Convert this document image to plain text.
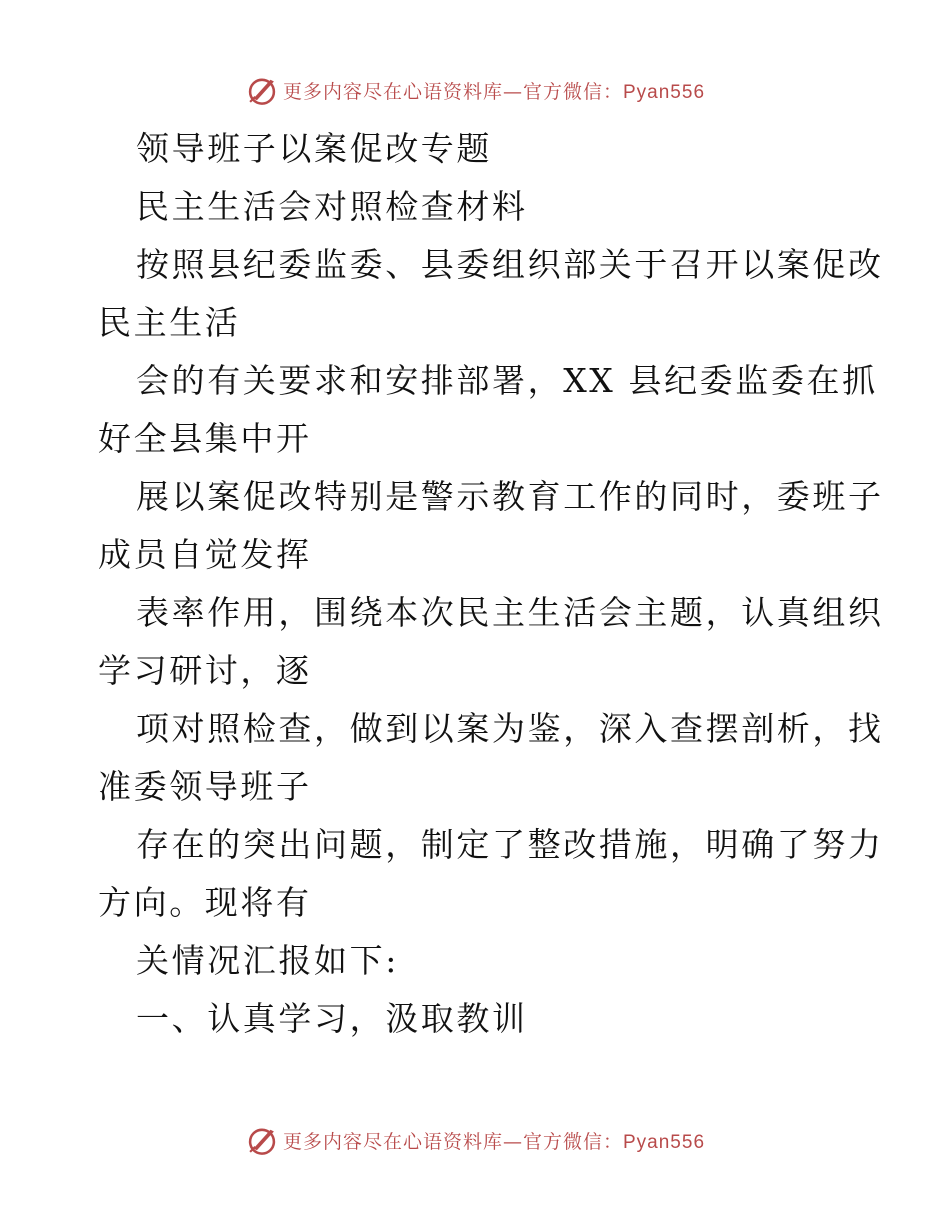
更多内容尽在心语资料库—官方微信：Pyan556

领导班子以案促改专题

民主生活会对照检查材料

按照县纪委监委、县委组织部关于召开以案促改

民主生活

会的有关要求和安排部署，XX 县纪委监委在抓

好全县集中开

展以案促改特别是警示教育工作的同时，委班子

成员自觉发挥

表率作用，围绕本次民主生活会主题，认真组织

学习研讨，逐

项对照检查，做到以案为鉴，深入查摆剖析，找

准委领导班子

存在的突出问题，制定了整改措施，明确了努力

方向。现将有

关情况汇报如下:

一、认真学习，汲取教训

更多内容尽在心语资料库—官方微信：Pyan556
